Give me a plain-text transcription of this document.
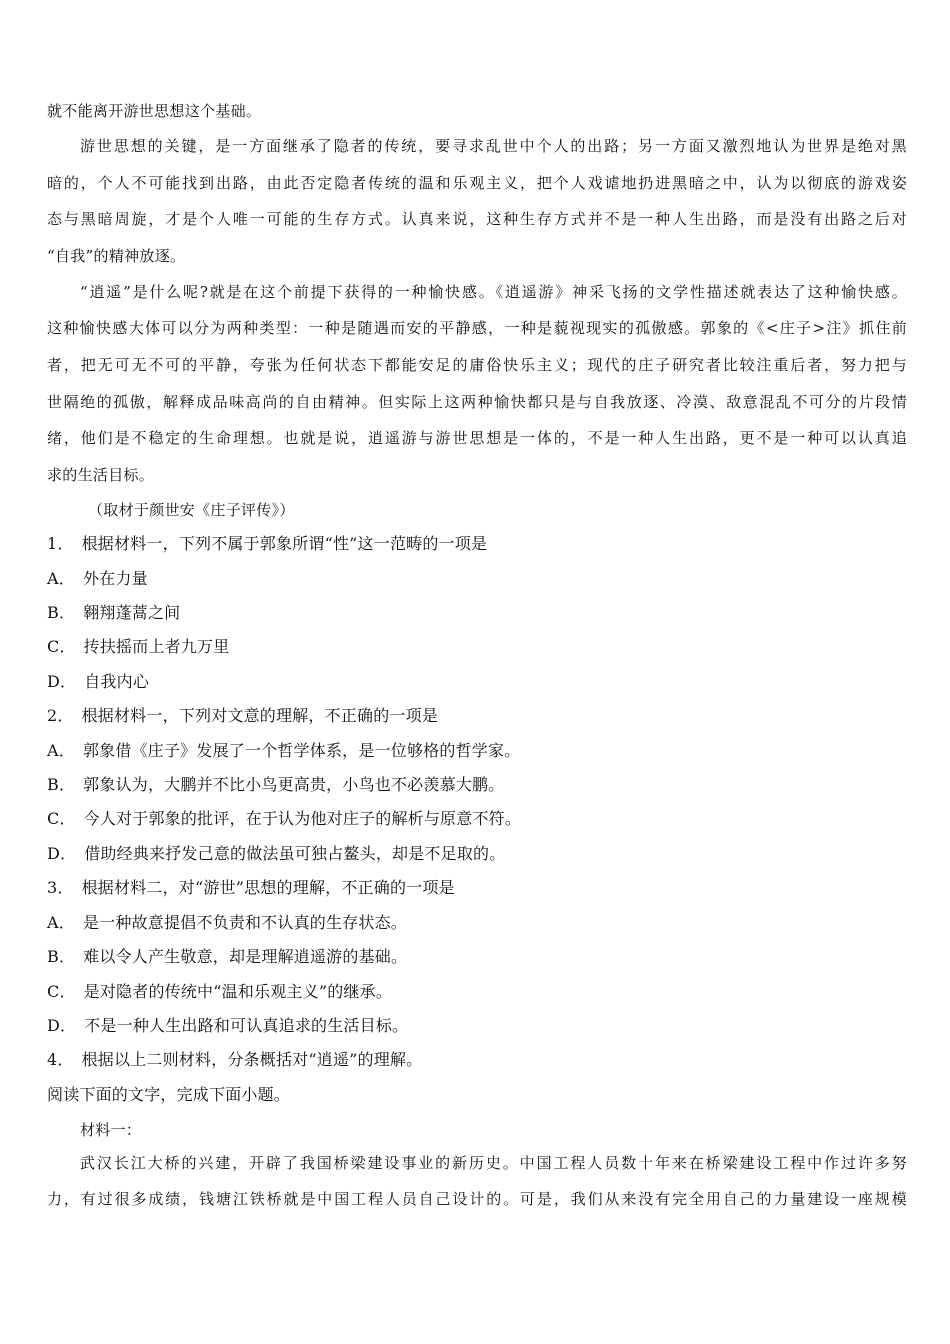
就不能离开游世思想这个基础。
游世思想的关键，是一方面继承了隐者的传统，要寻求乱世中个人的出路；另一方面又激烈地认为世界是绝对黑
暗的，个人不可能找到出路，由此否定隐者传统的温和乐观主义，把个人戏谑地扔进黑暗之中，认为以彻底的游戏姿
态与黑暗周旋，才是个人唯一可能的生存方式。认真来说，这种生存方式并不是一种人生出路，而是没有出路之后对
“自我”的精神放逐。
“逍遥”是什么呢?就是在这个前提下获得的一种愉快感。《逍遥游》神采飞扬的文学性描述就表达了这种愉快感。
这种愉快感大体可以分为两种类型：一种是随遇而安的平静感，一种是藐视现实的孤傲感。郭象的《<庄子>注》抓住前
者，把无可无不可的平静，夸张为任何状态下都能安足的庸俗快乐主义；现代的庄子研究者比较注重后者，努力把与
世隔绝的孤傲，解释成品味高尚的自由精神。但实际上这两种愉快都只是与自我放逐、冷漠、敌意混乱不可分的片段情
绪，他们是不稳定的生命理想。也就是说，逍遥游与游世思想是一体的，不是一种人生出路，更不是一种可以认真追
求的生活目标。
（取材于颜世安《庄子评传》）
1． 根据材料一，下列不属于郭象所谓“性”这一范畴的一项是
A． 外在力量
B． 翱翔蓬蒿之间
C． 抟扶摇而上者九万里
D． 自我内心
2． 根据材料一，下列对文意的理解，不正确的一项是
A． 郭象借《庄子》发展了一个哲学体系，是一位够格的哲学家。
B． 郭象认为，大鹏并不比小鸟更高贵，小鸟也不必羡慕大鹏。
C． 今人对于郭象的批评，在于认为他对庄子的解析与原意不符。
D． 借助经典来抒发己意的做法虽可独占鳌头，却是不足取的。
3． 根据材料二，对“游世”思想的理解，不正确的一项是
A． 是一种故意提倡不负责和不认真的生存状态。
B． 难以令人产生敬意，却是理解逍遥游的基础。
C． 是对隐者的传统中“温和乐观主义”的继承。
D． 不是一种人生出路和可认真追求的生活目标。
4． 根据以上二则材料，分条概括对“逍遥”的理解。
阅读下面的文字，完成下面小题。
材料一：
武汉长江大桥的兴建，开辟了我国桥梁建设事业的新历史。中国工程人员数十年来在桥梁建设工程中作过许多努
力，有过很多成绩，钱塘江铁桥就是中国工程人员自己设计的。可是，我们从来没有完全用自己的力量建设一座规模
